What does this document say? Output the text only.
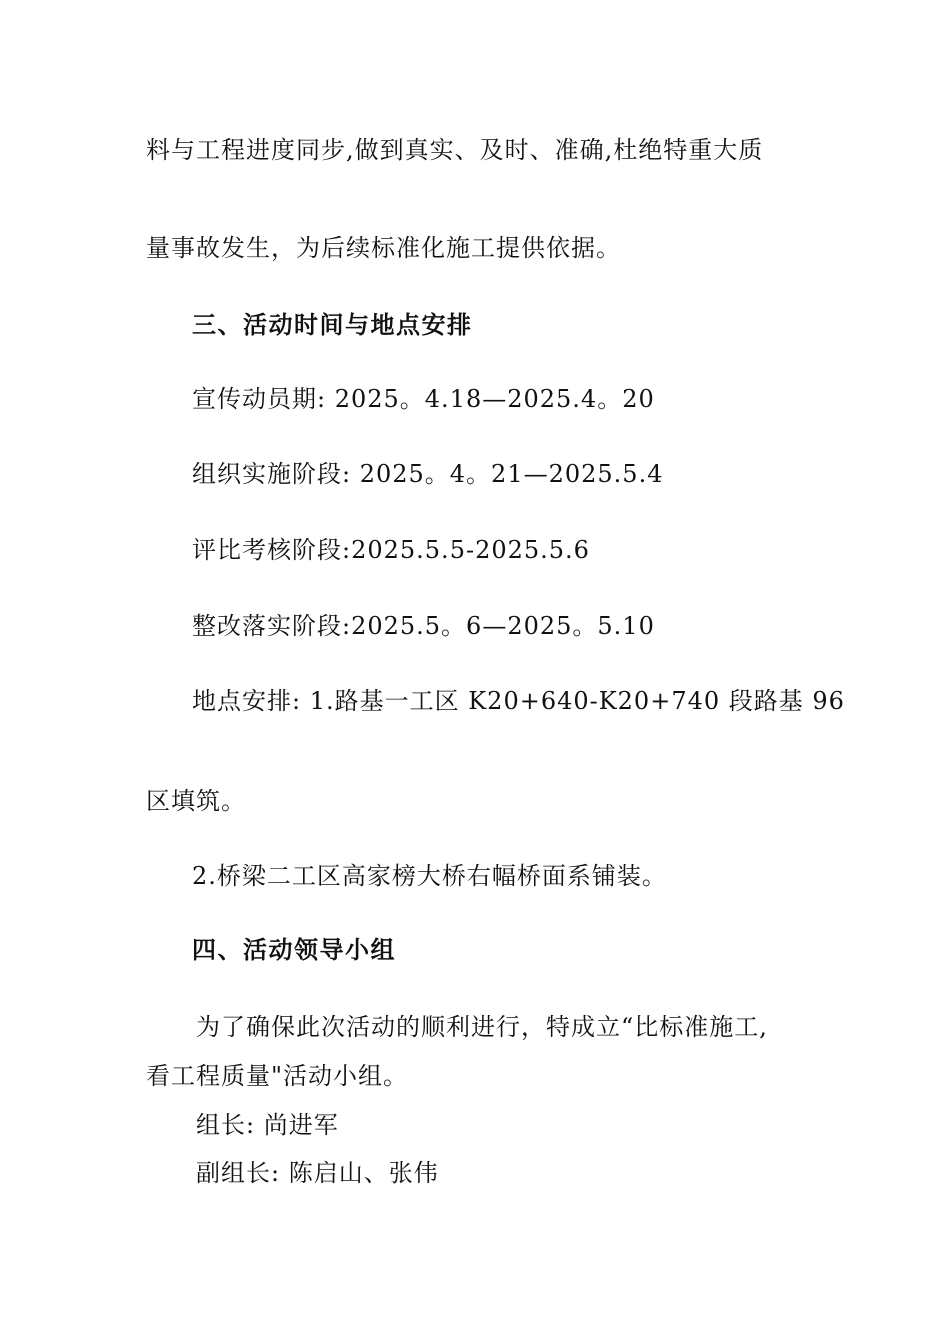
料与工程进度同步,做到真实、及时、准确,杜绝特重大质
量事故发生，为后续标准化施工提供依据。
三、活动时间与地点安排
宣传动员期: 2025。4.18—2025.4。20
组织实施阶段: 2025。4。21—2025.5.4
评比考核阶段:2025.5.5-2025.5.6
整改落实阶段:2025.5。6—2025。5.10
地点安排: 1.路基一工区 K20+640-K20+740 段路基 96
区填筑。
2.桥梁二工区高家榜大桥右幅桥面系铺装。
四、活动领导小组
为了确保此次活动的顺利进行，特成立“比标准施工,
看工程质量"活动小组。
组长: 尚进军
副组长: 陈启山、张伟
